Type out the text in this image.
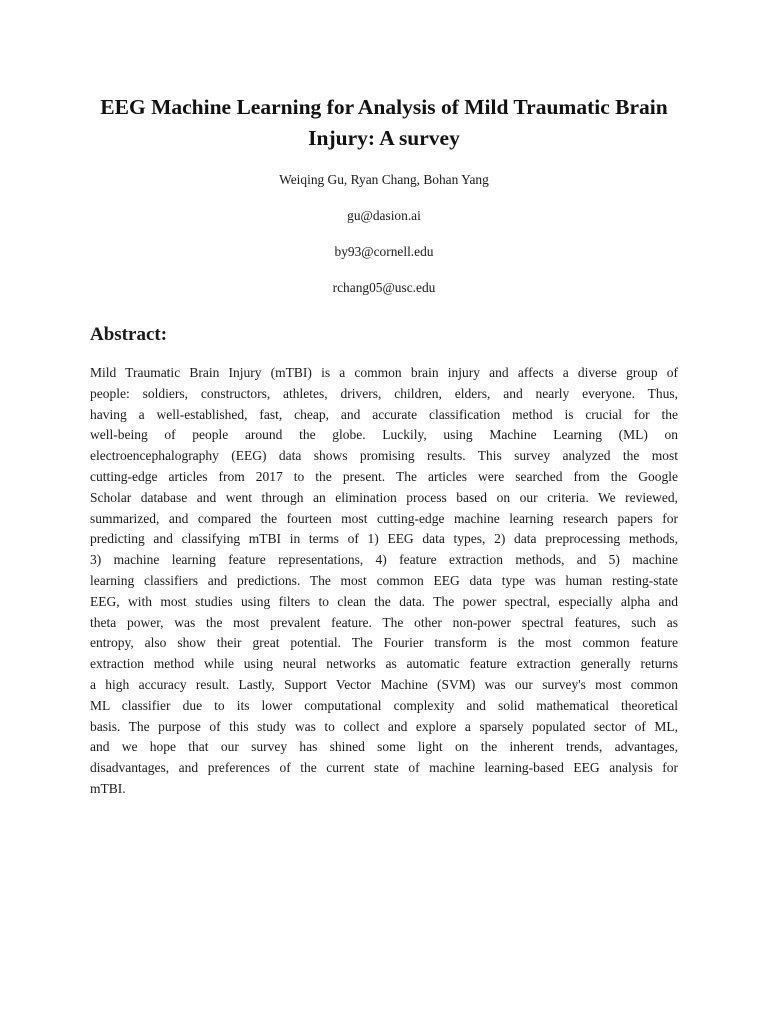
EEG Machine Learning for Analysis of Mild Traumatic Brain Injury: A survey

Weiqing Gu, Ryan Chang, Bohan Yang

gu@dasion.ai

by93@cornell.edu

rchang05@usc.edu

Abstract:
Mild Traumatic Brain Injury (mTBI) is a common brain injury and affects a diverse group of
people: soldiers, constructors, athletes, drivers, children, elders, and nearly everyone. Thus,
having a well-established, fast, cheap, and accurate classification method is crucial for the
well-being of people around the globe. Luckily, using Machine Learning (ML) on
electroencephalography (EEG) data shows promising results. This survey analyzed the most
cutting-edge articles from 2017 to the present. The articles were searched from the Google
Scholar database and went through an elimination process based on our criteria. We reviewed,
summarized, and compared the fourteen most cutting-edge machine learning research papers for
predicting and classifying mTBI in terms of 1) EEG data types, 2) data preprocessing methods,
3) machine learning feature representations, 4) feature extraction methods, and 5) machine
learning classifiers and predictions. The most common EEG data type was human resting-state
EEG, with most studies using filters to clean the data. The power spectral, especially alpha and
theta power, was the most prevalent feature. The other non-power spectral features, such as
entropy, also show their great potential. The Fourier transform is the most common feature
extraction method while using neural networks as automatic feature extraction generally returns
a high accuracy result. Lastly, Support Vector Machine (SVM) was our survey's most common
ML classifier due to its lower computational complexity and solid mathematical theoretical
basis. The purpose of this study was to collect and explore a sparsely populated sector of ML,
and we hope that our survey has shined some light on the inherent trends, advantages,
disadvantages, and preferences of the current state of machine learning-based EEG analysis for
mTBI.
